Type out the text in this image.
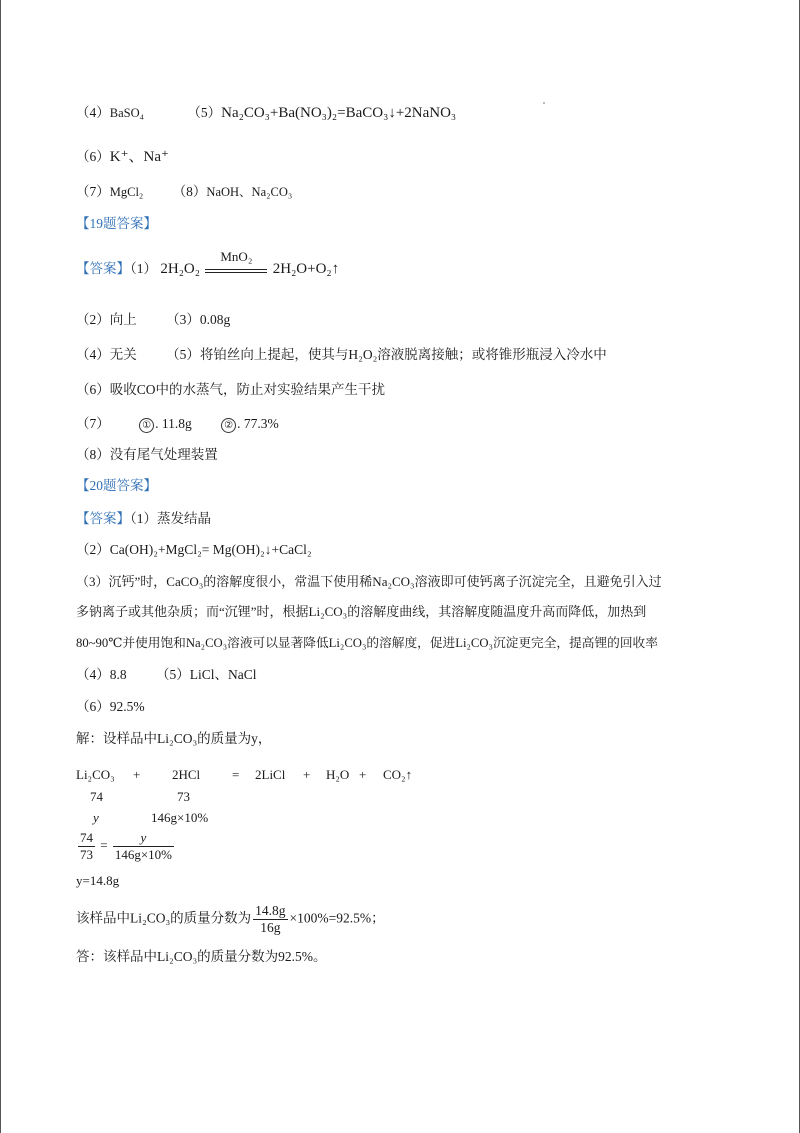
（4）BaSO₄	（5）Na₂CO₃+Ba(NO₃)₂=BaCO₃↓+2NaNO₃
（6）K⁺、Na⁺
（7）MgCl₂ （8）NaOH、Na₂CO₃
【19题答案】
【答案】（1） 2H₂O₂
MnO₂
2H₂O+O₂↑
（2）向上 （3）0.08g
（4）无关 （5）将铂丝向上提起，使其与H₂O₂溶液脱离接触；或将锥形瓶浸入冷水中
（6）吸收CO中的水蒸气，防止对实验结果产生干扰
（7）	① . 11.8g	② . 77.3%
（8）没有尾气处理装置
【20题答案】
【答案】（1）蒸发结晶
（2）Ca(OH)₂+MgCl₂= Mg(OH)₂↓+CaCl₂
（3）沉钙”时，CaCO₃的溶解度很小，常温下使用稀Na₂CO₃溶液即可使钙离子沉淀完全，且避免引入过
多钠离子或其他杂质；而“沉锂”时，根据Li₂CO₃的溶解度曲线，其溶解度随温度升高而降低，加热到
80~90℃并使用饱和Na₂CO₃溶液可以显著降低Li₂CO₃的溶解度，促进Li₂CO₃沉淀更完全，提高锂的回收率
（4）8.8 （5）LiCl、NaCl
（6）92.5%
解：设样品中Li₂CO₃的质量为y，
Li₂CO₃ + 2HCl = 2LiCl + H₂O + CO₂↑
74	73
y	146g×10%
$\frac{74}{73} = \frac{y}{146g\times 10\%}$
y=14.8g
该样品中Li₂CO₃的质量分数为 $\frac{14.8g}{16g} \times 100\%=92.5\%$；
答：该样品中Li₂CO₃的质量分数为92.5%。
